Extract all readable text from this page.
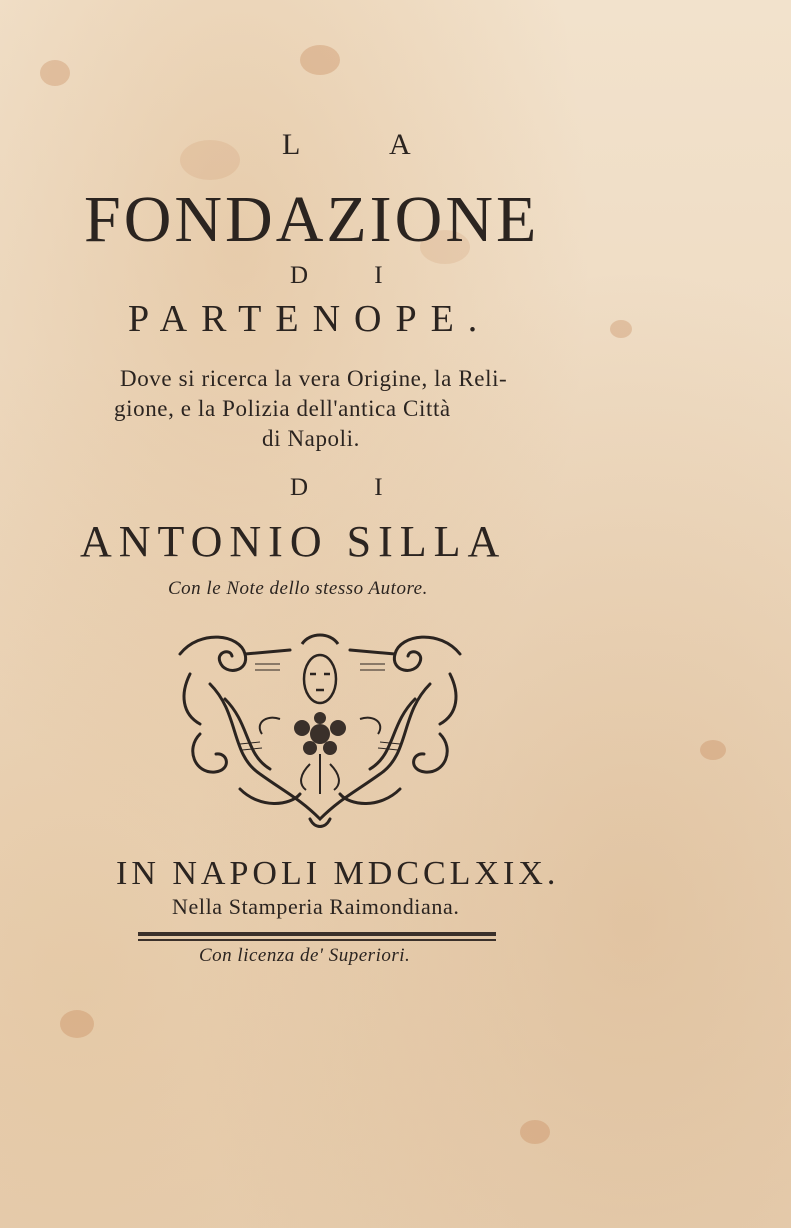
L A
FONDAZIONE
D I
PARTENOPE.
Dove si ricerca la vera Origine, la Reli-
gione, e la Polizia dell'antica Città
di Napoli.
D I
ANTONIO SILLA
Con le Note dello stesso Autore.
IN NAPOLI MDCCLXIX.
Nella Stamperia Raimondiana.
Con licenza de' Superiori.
